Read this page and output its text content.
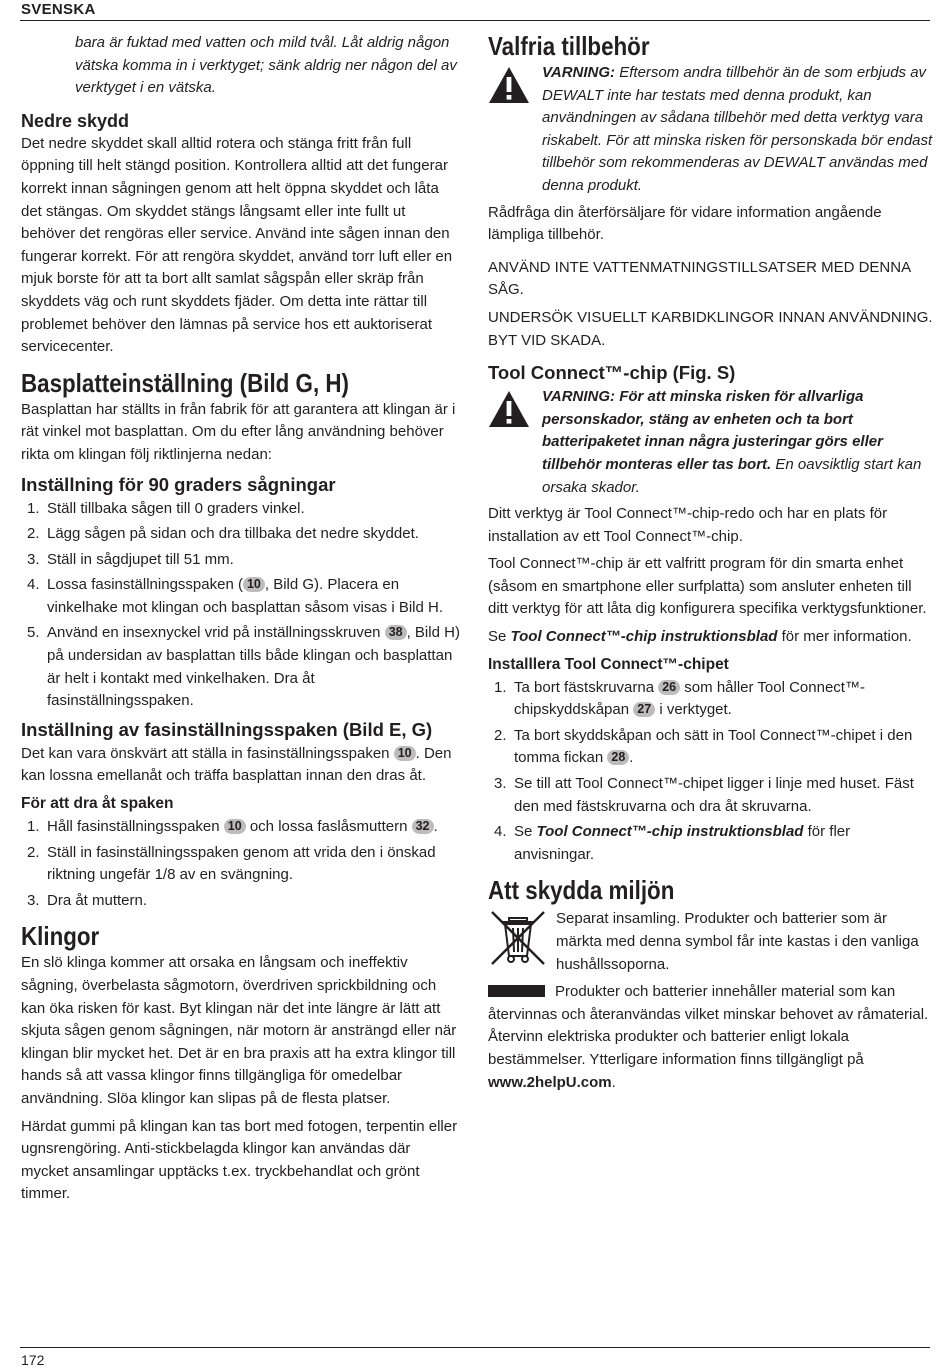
SVENSKA

bara är fuktad med vatten och mild tvål. Låt aldrig någon vätska komma in i verktyget; sänk aldrig ner någon del av verktyget i en vätska.

Nedre skydd

Det nedre skyddet skall alltid rotera och stänga fritt från full öppning till helt stängd position. Kontrollera alltid att det fungerar korrekt innan sågningen genom att helt öppna skyddet och låta det stängas. Om skyddet stängs långsamt eller inte fullt ut behöver det rengöras eller service. Använd inte sågen innan den fungerar korrekt. För att rengöra skyddet, använd torr luft eller en mjuk borste för att ta bort allt samlat sågspån eller skräp från skyddets väg och runt skyddets fjäder. Om detta inte rättar till problemet behöver den lämnas på service hos ett auktoriserat servicecenter.

Basplatteinställning (Bild G, H)

Basplattan har ställts in från fabrik för att garantera att klingan är i rät vinkel mot basplattan. Om du efter lång användning behöver rikta om klingan följ riktlinjerna nedan:

Inställning för 90 graders sågningar
1. Ställ tillbaka sågen till 0 graders vinkel.
2. Lägg sågen på sidan och dra tillbaka det nedre skyddet.
3. Ställ in sågdjupet till 51 mm.
4. Lossa fasinställningsspaken ( 10 , Bild G). Placera en vinkelhake mot klingan och basplattan såsom visas i Bild H.
5. Använd en insexnyckel vrid på inställningsskruven 38 , Bild H) på undersidan av basplattan tills både klingan och basplattan är helt i kontakt med vinkelhaken. Dra åt fasinställningsspaken.
Inställning av fasinställningsspaken (Bild E, G)

Det kan vara önskvärt att ställa in fasinställningsspaken 10 . Den kan lossna emellanåt och träffa basplattan innan den dras åt.

För att dra åt spaken
1. Håll fasinställningsspaken 10 och lossa faslåsmuttern 32 .
2. Ställ in fasinställningsspaken genom att vrida den i önskad riktning ungefär 1/8 av en svängning.
3. Dra åt muttern.
Klingor

En slö klinga kommer att orsaka en långsam och ineffektiv sågning, överbelasta sågmotorn, överdriven sprickbildning och kan öka risken för kast. Byt klingan när det inte längre är lätt att skjuta sågen genom sågningen, när motorn är ansträngd eller när klingan blir mycket het. Det är en bra praxis att ha extra klingor till hands så att vassa klingor finns tillgängliga för omedelbar användning. Slöa klingor kan slipas på de flesta platser.

Härdat gummi på klingan kan tas bort med fotogen, terpentin eller ugnsrengöring. Anti-stickbelagda klingor kan användas där mycket ansamlingar upptäcks t.ex. tryckbehandlat och grönt timmer.

Valfria tillbehör
VARNING: Eftersom andra tillbehör än de som erbjuds av DEWALT inte har testats med denna produkt, kan användningen av sådana tillbehör med detta verktyg vara riskabelt. För att minska risken för personskada bör endast tillbehör som rekommenderas av DEWALT användas med denna produkt.

Rådfråga din återförsäljare för vidare information angående lämpliga tillbehör.

ANVÄND INTE VATTENMATNINGSTILLSATSER MED DENNA SÅG.

UNDERSÖK VISUELLT KARBIDKLINGOR INNAN ANVÄNDNING. BYT VID SKADA.

Tool Connect™-chip (Fig. S)
VARNING: För att minska risken för allvarliga personskador, stäng av enheten och ta bort batteripaketet innan några justeringar görs eller tillbehör monteras eller tas bort. En oavsiktlig start kan orsaka skador.

Ditt verktyg är Tool Connect™-chip-redo och har en plats för installation av ett Tool Connect™-chip.

Tool Connect™-chip är ett valfritt program för din smarta enhet (såsom en smartphone eller surfplatta) som ansluter enheten till ditt verktyg för att låta dig konfigurera specifika verktygsfunktioner.

Se Tool Connect™-chip instruktionsblad för mer information.

Installlera Tool Connect™-chipet
1. Ta bort fästskruvarna 26 som håller Tool Connect™-chipskyddskåpan 27 i verktyget.
2. Ta bort skyddskåpan och sätt in Tool Connect™-chipet i den tomma fickan 28 .
3. Se till att Tool Connect™-chipet ligger i linje med huset. Fäst den med fästskruvarna och dra åt skruvarna.
4. Se Tool Connect™-chip instruktionsblad för fler anvisningar.
Att skydda miljön

Separat insamling. Produkter och batterier som är märkta med denna symbol får inte kastas i den vanliga hushållssoporna.

Produkter och batterier innehåller material som kan återvinnas och återanvändas vilket minskar behovet av råmaterial. Återvinn elektriska produkter och batterier enligt lokala bestämmelser. Ytterligare information finns tillgängligt på www.2helpU.com.

172
